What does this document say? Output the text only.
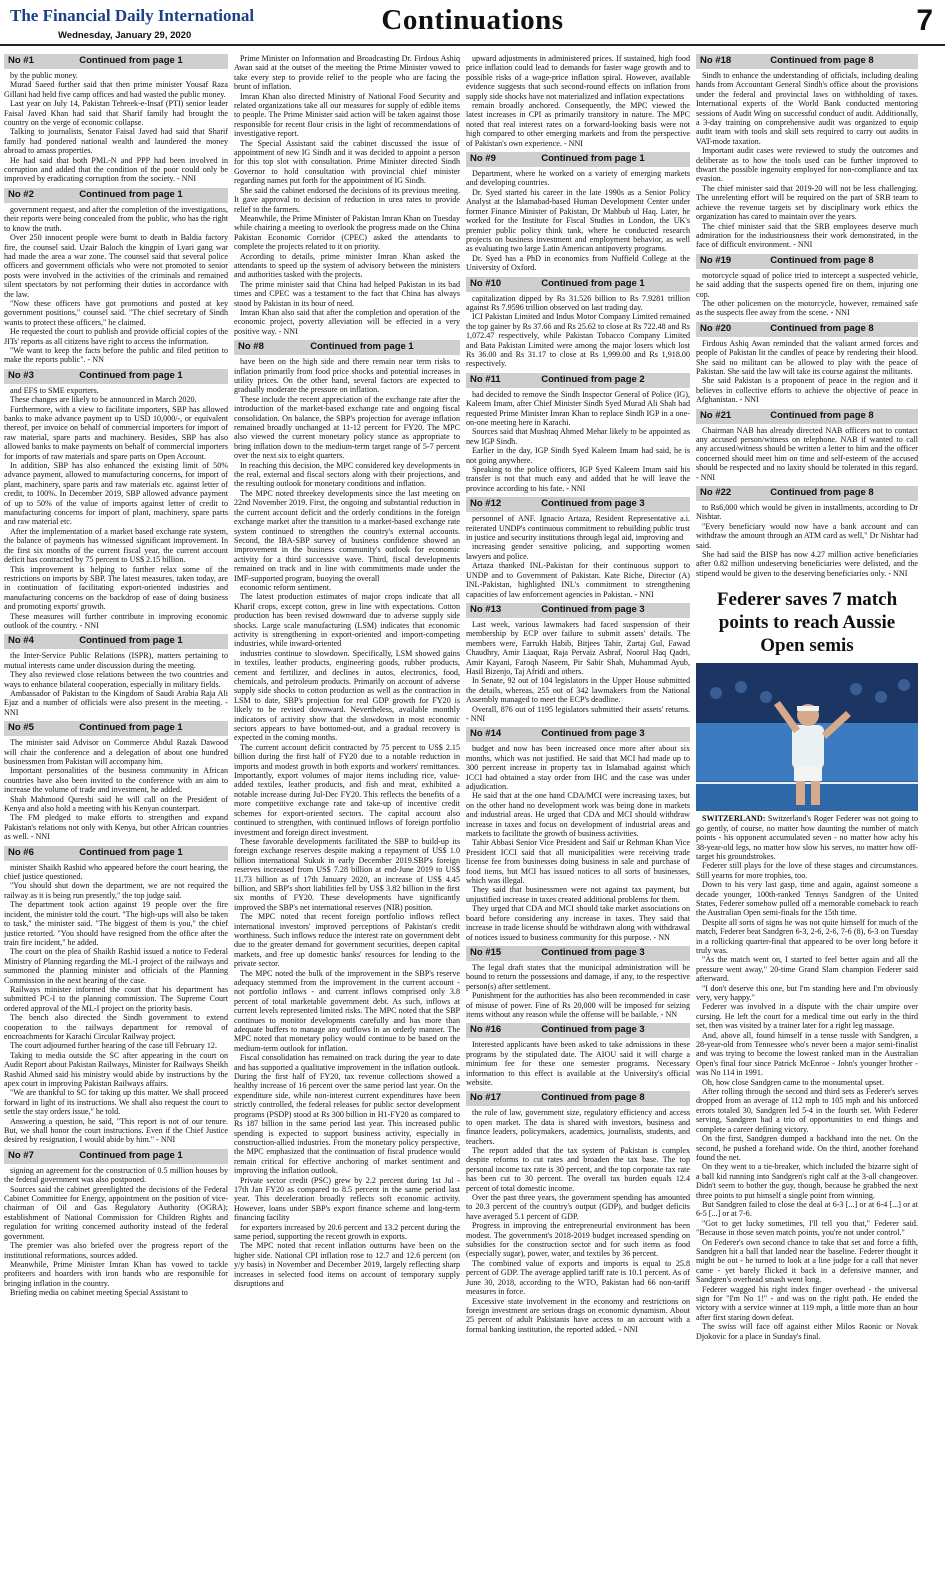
The Financial Daily International
Wednesday, January 29, 2020	Continuations	7
No #1	Continued from page 1

by the public money.

Murad Saeed further said that then prime minister Yousaf Raza Gillani had held five camp offices and had wasted the public money.

Last year on July 14, Pakistan Tehreek-e-Insaf (PTI) senior leader Faisal Javed Khan had said that Sharif family had brought the country on the verge of economic collapse.

Talking to journalists, Senator Faisal Javed had said that Sharif family had pondered national wealth and laundered the money abroad to amass properties.

He had said that both PML-N and PPP had been involved in corruption and added that the condition of the poor could only be improved by eradicating corruption from the society. - NNI

No #2	Continued from page 1

government request, and after the completion of the investigations, their reports were being concealed from the public, who has the right to know the truth.

Over 250 innocent people were burnt to death in Baldia factory fire, the counsel said. Uzair Baloch the kingpin of Lyari gang war had made the area a war zone. The counsel said that several police officers and government officials who were not promoted to senior posts were involved in the activities of the criminals and remained silent spectators by not performing their duties in accordance with the law.

"Now these officers have got promotions and posted at key government positions," counsel said. "The chief secretary of Sindh wants to protect these officers," he claimed.

He requested the court to publish and provide official copies of the JITs' reports as all citizens have right to access the information.

"We want to keep the facts before the public and filed petition to make the reports public". - NN

No #3	Continued from page 1

and EFS to SME exporters.

These changes are likely to be announced in March 2020.

Furthermore, with a view to facilitate importers, SBP has allowed banks to make advance payment up to USD 10,000/-, or equivalent thereof, per invoice on behalf of commercial importers for import of raw material, spare parts and machinery. Besides, SBP has also allowed banks to make payments on behalf of commercial importers for imports of raw materials and spare parts on Open Account.

In addition, SBP has also enhanced the existing limit of 50% advance payment, allowed to manufacturing concerns, for import of plant, machinery, spare parts and raw materials etc. against letter of credit, to 100%. In December 2019, SBP allowed advance payment of up to 50% of the value of imports against letter of credit to manufacturing concerns for import of plant, machinery, spare parts and raw material etc.

After the implementation of a market based exchange rate system, the balance of payments has witnessed significant improvement. In the first six months of the current fiscal year, the current account deficit has contracted by 75 percent to US$ 2.15 billion.

This improvement is helping to further relax some of the restrictions on imports by SBP. The latest measures, taken today, are in continuation of facilitating export-oriented industries and manufacturing concerns on the backdrop of ease of doing business and promoting exports' growth.

These measures will further contribute in improving economic outlook of the country. - NNI

No #4	Continued from page 1

the Inter-Service Public Relations (ISPR), matters pertaining to mutual interests came under discussion during the meeting.

They also reviewed close relations between the two countries and ways to enhance bilateral cooperation, especially in military fields.

Ambassador of Pakistan to the Kingdom of Saudi Arabia Raja Ali Ejaz and a number of officials were also present in the meeting. - NNI

No #5	Continued from page 1

The minister said Advisor on Commerce Abdul Razak Dawood will chair the conference and a delegation of about one hundred businessmen from Pakistan will accompany him.

Important personalities of the business community in African countries have also been invited to the conference with an aim to increase the volume of trade and investment, he added.

Shah Mahmood Qureshi said he will call on the President of Kenya and also hold a meeting with his Kenyan counterpart.

The FM pledged to make efforts to strengthen and expand Pakistan's relations not only with Kenya, but other African countries as well. - NNI

No #6	Continued from page 1

minister Shaikh Rashid who appeared before the court hearing, the chief justice questioned.

"You should shut down the department, we are not required the railway as it is being run presently," the top judge said.

The department took action against 19 people over the fire incident, the minister told the court. "The high-ups will also be taken to task," the minister said. "The biggest of them is you," the chief justice retorted. "You should have resigned from the office after the train fire incident," he added.

The court on the plea of Shaikh Rashid issued a notice to Federal Ministry of Planning regarding the ML-I project of the railways and summoned the planning minister and officials of the Planning Commission in the next hearing of the case.

Railways minister informed the court that his department has submitted PC-I to the planning commission. The Supreme Court ordered approval of the ML-I project on the priority basis.

The bench also directed the Sindh government to extend cooperation to the railways department for removal of encroachments for Karachi Circular Railway project.

The court adjourned further hearing of the case till February 12.

Taking to media outside the SC after appearing in the court on Audit Report about Pakistan Railways, Minister for Railways Sheikh Rashid Ahmed said his ministry would abide by instructions by the apex court in improving Pakistan Railways affairs.

"We are thankful to SC for taking up this matter. We shall proceed forward in light of its instructions. We shall also request the court to settle the stay orders issue," he told.

Answering a question, he said, "This report is not of our tenure. But, we shall honor the court instructions. Even if the Chief Justice desired by resignation, I would abide by him." - NNI

No #7	Continued from page 1

signing an agreement for the construction of 0.5 million houses by the federal government was also postponed.

Sources said the cabinet greenlighted the decisions of the Federal Cabinet Committee for Energy, appointment on the position of vice-chairman of Oil and Gas Regulatory Authority (OGRA); establishment of National Commission for Children Rights and regulation for writing concerned authority instead of the federal government.

The premier was also briefed over the progress report of the institutional reformations, sources added.

Meanwhile, Prime Minister Imran Khan has vowed to tackle profiteers and hoarders with iron hands who are responsible for bringing inflation in the country.

Briefing media on cabinet meeting Special Assistant to

Prime Minister on Information and Broadcasting Dr. Firdous Ashiq Awan said at the outset of the meeting the Prime Minister vowed to take every step to provide relief to the people who are facing the brunt of inflation.

Imran Khan also directed Ministry of National Food Security and related organizations take all our measures for supply of edible items to people. The Prime Minister said action will be taken against those responsible for recent flour crisis in the light of recommendations of investigative report.

The Special Assistant said the cabinet discussed the issue of appointment of new IG Sindh and it was decided to appoint a person for this top slot with consultation. Prime Minister directed Sindh Governor to hold consultation with provincial chief minister regarding names put forth for the appointment of IG Sindh.

She said the cabinet endorsed the decisions of its previous meeting. It gave approval to decision of reduction in urea rates to provide relief to the farmers.

Meanwhile, the Prime Minister of Pakistan Imran Khan on Tuesday while chairing a meeting to overlook the progress made on the China Pakistan Economic Corridor (CPEC) asked the attendants to complete the projects related to it on priority.

According to details, prime minister Imran Khan asked the attendants to speed up the system of advisory between the ministers and authorities tasked with the projects.

The prime minister said that China had helped Pakistan in its bad times and CPEC was a testament to the fact that China has always stood by Pakistan in its hour of need.

Imran Khan also said that after the completion and operation of the economic project, poverty alleviation will be effected in a very positive way. - NNI

No #8	Continued from page 1

have been on the high side and there remain near term risks to inflation primarily from food price shocks and potential increases in utility prices. On the other hand, several factors are expected to gradually moderate the pressure on inflation.

These include the recent appreciation of the exchange rate after the introduction of the market-based exchange rate and ongoing fiscal consolidation. On balance, the SBP's projection for average inflation remained broadly unchanged at 11-12 percent for FY20. The MPC also viewed the current monetary policy stance as appropriate to bring inflation down to the medium-term target range of 5-7 percent over the next six to eight quarters.

In reaching this decision, the MPC considered key developments in the real, external and fiscal sectors along with their projections, and the resulting outlook for monetary conditions and inflation.

The MPC noted threekey developments since the last meeting on 22nd November 2019. First, the ongoing and substantial reduction in the current account deficit and the orderly conditions in the foreign exchange market after the transition to a market-based exchange rate system continued to strengthen the country's external accounts. Second, the IBA-SBP survey of business confidence showed an improvement in the business community's outlook for economic activity for a third successive wave. Third, fiscal developments remained on track and in line with commitments made under the IMF-supported program, buoying the overall

economic reform sentiment.

The latest production estimates of major crops indicate that all Kharif crops, except cotton, grew in line with expectations. Cotton production has been revised downward due to adverse supply side shocks. Large scale manufacturing (LSM) indicates that economic activity is strengthening in export-oriented and import-competing industries, while inward-oriented

industries continue to slowdown. Specifically, LSM showed gains in textiles, leather products, engineering goods, rubber products, cement and fertilizer, and declines in autos, electronics, food, chemicals, and petroleum products. Primarily on account of adverse supply side shocks to cotton production as well as the contraction in LSM to date, SBP's projection for real GDP growth for FY20 is likely to be revised downward. Nevertheless, available monthly indicators of activity show that the slowdown in most economic sectors appears to have bottomed-out, and a gradual recovery is expected in the coming months.

The current account deficit contracted by 75 percent to US$ 2.15 billion during the first half of FY20 due to a notable reduction in imports and modest growth in both exports and workers' remittances. Importantly, export volumes of major items including rice, value-added textiles, leather products, and fish and meat, exhibited a notable increase during Jul-Dec FY20. This reflects the benefits of a more competitive exchange rate and take-up of incentive credit schemes for export-oriented sectors. The capital account also continued to strengthen, with continued inflows of foreign portfolio investment and foreign direct investment.

These favorable developments facilitated the SBP to build-up its foreign exchange reserves despite making a repayment of US$ 1.0 billion international Sukuk in early December 2019.SBP's foreign reserves increased from US$ 7.28 billion at end-June 2019 to US$ 11.73 billion as of 17th January 2020, an increase of US$ 4.45 billion, and SBP's short liabilities fell by US$ 3.82 billion in the first six months of FY20. These developments have significantly improved the SBP's net international reserves (NIR) position.

The MPC noted that recent foreign portfolio inflows reflect international investors' improved perceptions of Pakistan's credit worthiness. Such inflows reduce the interest rate on government debt due to the greater demand for government securities, deepen capital markets, and free up domestic banks' resources for lending to the private sector.

The MPC noted the bulk of the improvement in the SBP's reserve adequacy stemmed from the improvement in the current account - not portfolio inflows - and current inflows comprised only 3.8 percent of total marketable government debt. As such, inflows at current levels represented limited risks. The MPC noted that the SBP continues to monitor developments carefully and has more than adequate buffers to manage any outflows in an orderly manner. The MPC noted that monetary policy would continue to be based on the medium-term outlook for inflation.

Fiscal consolidation has remained on track during the year to date and has supported a qualitative improvement in the inflation outlook. During the first half of FY20, tax revenue collections showed a healthy increase of 16 percent over the same period last year. On the expenditure side, while non-interest current expenditures have been strictly controlled, the federal releases for public sector development programs (PSDP) stood at Rs 300 billion in H1-FY20 as compared to Rs 187 billion in the same period last year. This increased public spending is expected to support business activity, especially in construction-allied industries. From the monetary policy perspective, the MPC emphasized that the continuation of fiscal prudence would remain critical for effective anchoring of market sentiment and improving the inflation outlook.

Private sector credit (PSC) grew by 2.2 percent during 1st Jul - 17th Jan FY20 as compared to 8.5 percent in the same period last year. This deceleration broadly reflects soft economic activity. However, loans under SBP's export finance scheme and long-term financing facility

for exporters increased by 20.6 percent and 13.2 percent during the same period, supporting the recent growth in exports.

The MPC noted that recent inflation outturns have been on the higher side. National CPI inflation rose to 12.7 and 12.6 percent (on y/y basis) in November and December 2019, largely reflecting sharp increases in selected food items on account of temporary supply disruptions and

upward adjustments in administered prices. If sustained, high food price inflation could lead to demands for faster wage growth and to possible risks of a wage-price inflation spiral. However, available evidence suggests that such second-round effects on inflation from supply side shocks have not materialized and inflation expectations

remain broadly anchored. Consequently, the MPC viewed the latest increases in CPI as primarily transitory in nature. The MPC noted that real interest rates on a forward-looking basis were not high compared to other emerging markets and from the perspective of Pakistan's own experience. - NNI

No #9	Continued from page 1

Department, where he worked on a variety of emerging markets and developing countries.

Dr. Syed started his career in the late 1990s as a Senior Policy Analyst at the Islamabad-based Human Development Center under former Finance Minister of Pakistan, Dr Mahbub ul Haq. Later, he worked for the Institute for Fiscal Studies in London, the UK's premier public policy think tank, where he conducted research projects on business investment and employment behavior, as well as evaluating two large Latin American antipoverty programs.

Dr. Syed has a PhD in economics from Nuffield College at the University of Oxford.

No #10	Continued from page 1

capitalization dipped by Rs 31.526 billion to Rs 7.9281 trillion against Rs 7.9596 trillion observed on last trading day.

ICI Pakistan Limited and Indus Motor Company Limited remained the top gainer by Rs 37.66 and Rs 25.62 to close at Rs 722.48 and Rs 1,072.47 respectively, while Pakistan Tobacco Company Limited and Bata Pakistan Limited were among the major losers which lost Rs 36.00 and Rs 31.17 to close at Rs 1,999.00 and Rs 1,918.00 respectively.

No #11	Continued from page 2

had decided to remove the Sindh Inspector General of Police (IG), Kaleem Imam, after Chief Minister Sindh Syed Murad Ali Shah had requested Prime Minister Imran Khan to replace Sindh IGP in a one-on-one meeting here in Karachi.

Sources said that Mushtaq Ahmed Mehar likely to be appointed as new IGP Sindh.

Earlier in the day, IGP Sindh Syed Kaleem Imam had said, he is not going anywhere.

Speaking to the police officers, IGP Syed Kaleem Imam said his transfer is not that much easy and added that he will leave the province according to his fate. - NNI

No #12	Continued from page 3

personnel of ANF. Ignacio Artaza, Resident Representative a.i. reiterated UNDP's continuous commitment to rebuilding public trust in justice and security institutions through legal aid, improving and

increasing gender sensitive policing, and supporting women lawyers and police.

Artaza thanked INL-Pakistan for their continuous support to UNDP and to Government of Pakistan. Kate Riche, Director (A) INL-Pakistan, highlighted INL's commitment to strengthening capacities of law enforcement agencies in Pakistan. - NNI

No #13	Continued from page 3

Last week, various lawmakers had faced suspension of their membership by ECP over failure to submit assets' details. The members were, Farrukh Habib, Bitjees Tahir, Zartaj Gul, Fawad Chaudhry, Amir Liaquat, Raja Pervaiz Ashraf, Noorul Haq Qadri, Amir Kayani, Faroqh Naseem, Pir Sabir Shah, Muhammad Ayub, Hasil Bizenjo, Taj Afridi and others.

In Senate, 92 out of 104 legislators in the Upper House submitted the details, whereas, 255 out of 342 lawmakers from the National Assembly managed to meet the ECP's deadline.

Overall, 876 out of 1195 legislators submitted their assets' returns. - NNI

No #14	Continued from page 3

budget and now has been increased once more after about six months, which was not justified. He said that MCI had made up to 300 percent increase in property tax in Islamabad against which ICCI had obtained a stay order from IHC and the case was under adjudication.

He said that at the one hand CDA/MCI were increasing taxes, but on the other hand no development work was being done in markets and industrial areas. He urged that CDA and MCI should withdraw increase in taxes and focus on development of industrial areas and markets to facilitate the growth of business activities.

Tahir Abbasi Senior Vice President and Saif ur Rehman Khan Vice President ICCI said that all municipalities were receiving trade license fee from businesses doing business in sale and purchase of food items, but MCI has issued notices to all sorts of businesses, which was illegal.

They said that businessmen were not against tax payment, but unjustified increase in taxes created additional problems for them.

They urged that CDA and MCI should take market associations on board before considering any increase in taxes. They said that increase in trade license should be withdrawn along with withdrawal of notices issued to business community for this purpose. - NN

No #15	Continued from page 3

The legal draft states that the municipal administration will be bound to return the possessions and damage, if any, to the respective person(s) after settlement.

Punishment for the authorities has also been recommended in case of misuse of power. Fine of Rs 20,000 will be imposed for seizing items without any reason while the offense will be bailable. - NN

No #16	Continued from page 3

Interested applicants have been asked to take admissions in these programs by the stipulated date. The AIOU said it will charge a minimum fee for these one semester programs. Necessary information to this effect is available at the University's official website.

No #17	Continued from page 8

the rule of law, government size, regulatory efficiency and access to open market. The data is shared with investors, business and finance leaders, policymakers, academics, journalists, students, and teachers.

The report added that the tax system of Pakistan is complex despite reforms to cut rates and broaden the tax base. The top personal income tax rate is 30 percent, and the top corporate tax rate has been cut to 30 percent. The overall tax burden equals 12.4 percent of total domestic income.

Over the past three years, the government spending has amounted to 20.3 percent of the country's output (GDP), and budget deficits have averaged 5.1 percent of GDP.

Progress in improving the entrepreneurial environment has been modest. The government's 2018-2019 budget increased spending on subsidies for the construction sector and for such items as food (especially sugar), power, water, and textiles by 36 percent.

The combined value of exports and imports is equal to 25.8 percent of GDP. The average applied tariff rate is 10.1 percent. As of June 30, 2018, according to the WTO, Pakistan had 66 non-tariff measures in force.

Excessive state involvement in the economy and restrictions on foreign investment are serious drags on economic dynamism. About 25 percent of adult Pakistanis have access to an account with a formal banking institution, the reported added. - NNI

No #18	Continued from page 8

Sindh to enhance the understanding of officials, including dealing hands from Accountant General Sindh's office about the provisions under the federal and provincial laws on withholding of taxes. International experts of the World Bank conducted mentoring sessions of Audit Wing on successful conduct of audit. Additionally, a 3-day training on comprehensive audit was organized to equip audit team with tools and skill sets required to carry out audits in VAT-mode taxation.

Important audit cases were reviewed to study the outcomes and deliberate as to how the tools used can be further improved to thwart the possible ingenuity employed for non-compliance and tax evasion.

The chief minister said that 2019-20 will not be less challenging. The unrelenting effort will be required on the part of SRB team to achieve the revenue targets set by disciplinary work ethics the organization has cared to maintain over the years.

The chief minister said that the SRB employees deserve much admiration for the industriousness their work demonstrated, in the face of difficult environment. - NNI

No #19	Continued from page 8

motorcycle squad of police tried to intercept a suspected vehicle, he said adding that the suspects opened fire on them, injuring one cop.

The other policemen on the motorcycle, however, remained safe as the suspects flee away from the scene. - NNI

No #20	Continued from page 8

Firdous Ashiq Awan reminded that the valiant armed forces and people of Pakistan lit the candles of peace by rendering their blood. She said no militant can be allowed to play with the peace of Pakistan. She said the law will take its course against the militants.

She said Pakistan is a proponent of peace in the region and it believes in collective efforts to achieve the objective of peace in Afghanistan. - NNI

No #21	Continued from page 8

Chairman NAB has already directed NAB officers not to contact any accused person/witness on telephone. NAB if wanted to call any accused/witness should be written a letter to him and the officer concerned should meet him on time and self-esteem of the accused should be respected and no laxity should be tolerated in this regard. - NNI

No #22	Continued from page 8

to Rs6,000 which would be given in installments, according to Dr Nishtar.

"Every beneficiary would now have a bank account and can withdraw the amount through an ATM card as well," Dr Nishtar had said.

She had said the BISP has now 4.27 million active beneficiaries after 0.82 million undeserving beneficiaries were delisted, and the stipend would be given to the deserving beneficiaries only. - NNI

Federer saves 7 match points to reach Aussie Open semis

SWITZERLAND: Switzerland's Roger Federer was not going to go gently, of course, no matter how daunting the number of match points - his opponent accumulated seven - no matter how achy his 38-year-old legs, no matter how slow his serves, no matter how off-target his groundstrokes.

Federer still plays for the love of these stages and circumstances. Still yearns for more trophies, too.

Down to his very last gasp, time and again, against someone a decade younger, 100th-ranked Tennys Sandgren of the United States, Federer somehow pulled off a memorable comeback to reach the Australian Open semi-finals for the 15th time.

Despite all sorts of signs he was not quite himself for much of the match, Federer beat Sandgren 6-3, 2-6, 2-6, 7-6 (8), 6-3 on Tuesday in a rollicking quarter-final that appeared to be over long before it truly was.

"As the match went on, I started to feel better again and all the pressure went away," 20-time Grand Slam champion Federer said afterward.

"I don't deserve this one, but I'm standing here and I'm obviously very, very happy."

Federer was involved in a dispute with the chair umpire over cursing. He left the court for a medical time out early in the third set, then was visited by a trainer later for a right leg massage.

And, above all, found himself in a tense tussle with Sandgren, a 28-year-old from Tennessee who's never been a major semi-finalist and was trying to become the lowest ranked man in the Australian Open's final four since Patrick McEnroe - John's younger brother - was No 114 in 1991.

Oh, how close Sandgren came to the monumental upset.

After rolling through the second and third sets as Federer's serves dropped from an average of 112 mph to 105 mph and his unforced errors totaled 30, Sandgren led 5-4 in the fourth set. With Federer serving, Sandgren had a trio of opportunities to end things and complete a career defining victory.

On the first, Sandgren dumped a backhand into the net. On the second, he pushed a forehand wide. On the third, another forehand found the net.

On they went to a tie-breaker, which included the bizarre sight of a ball kid running into Sandgren's right calf at the 3-all changeover. Didn't seem to bother the guy, though, because he grabbed the next three points to put himself a single point from winning.

But Sandgren failed to close the deal at 6-3 [...] or at 6-4 [...] or at 6-5 [...] or at 7-6.

"Got to get lucky sometimes, I'll tell you that," Federer said. "Because in those seven match points, you're not under control."

On Federer's own second chance to take that set and force a fifth, Sandgren hit a ball that landed near the baseline. Federer thought it might be out - he turned to look at a line judge for a call that never came - yet barely flicked it back in a defensive manner, and Sandgren's overhead smash went long.

Federer wagged his right index finger overhead - the universal sign for "I'm No 1!" - and was on the right path. He ended the victory with a service winner at 119 mph, a little more than an hour after first staring down defeat.

The swiss will face off against either Milos Raonic or Novak Djokovic for a place in Sunday's final.
